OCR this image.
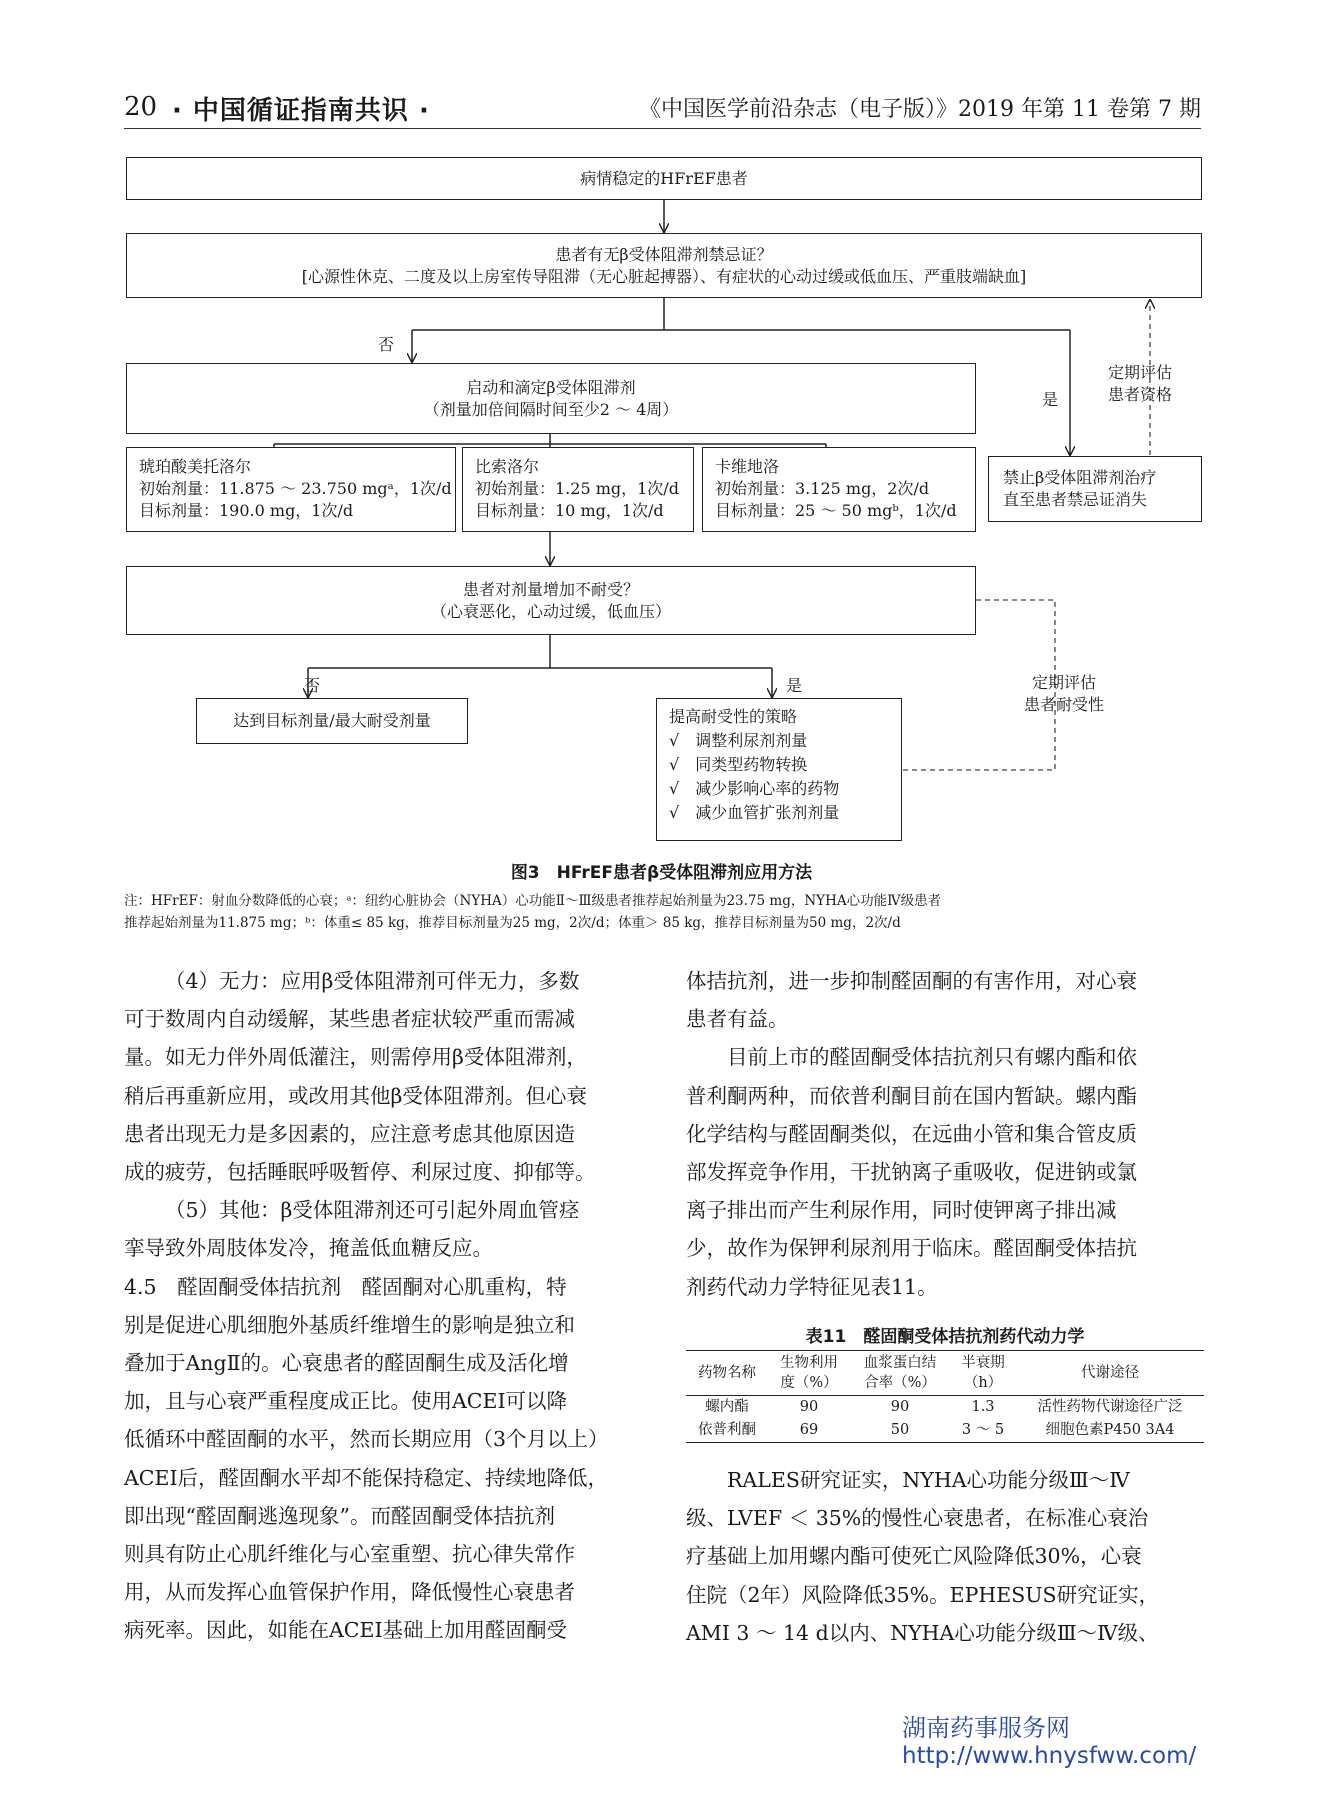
20 · 中国循证指南共识 ·	《中国医学前沿杂志（电子版）》2019 年第 11 卷第 7 期
病情稳定的HFrEF患者
患者有无β受体阻滞剂禁忌证？
[心源性休克、二度及以上房室传导阻滞（无心脏起搏器）、有症状的心动过缓或低血压、严重肢端缺血]
否
是
启动和滴定β受体阻滞剂
（剂量加倍间隔时间至少2 ～ 4周）
琥珀酸美托洛尔
初始剂量：11.875 ～ 23.750 mgᵃ，1次/d
目标剂量：190.0 mg，1次/d
比索洛尔
初始剂量：1.25 mg，1次/d
目标剂量：10 mg，1次/d
卡维地洛
初始剂量：3.125 mg，2次/d
目标剂量：25 ～ 50 mgᵇ，1次/d
禁止β受体阻滞剂治疗
直至患者禁忌证消失
定期评估
患者资格
患者对剂量增加不耐受？
（心衰恶化，心动过缓，低血压）
定期评估
患者耐受性
否	是
达到目标剂量/最大耐受剂量	提高耐受性的策略
√　调整利尿剂剂量
√　同类型药物转换
√　减少影响心率的药物
√　减少血管扩张剂剂量
图3　HFrEF患者β受体阻滞剂应用方法
注：HFrEF：射血分数降低的心衰；ᵃ：纽约心脏协会（NYHA）心功能Ⅱ～Ⅲ级患者推荐起始剂量为23.75 mg，NYHA心功能Ⅳ级患者
推荐起始剂量为11.875 mg；ᵇ：体重≤ 85 kg，推荐目标剂量为25 mg，2次/d；体重＞ 85 kg，推荐目标剂量为50 mg，2次/d
（4）无力：应用β受体阻滞剂可伴无力，多数
可于数周内自动缓解，某些患者症状较严重而需减
量。如无力伴外周低灌注，则需停用β受体阻滞剂，
稍后再重新应用，或改用其他β受体阻滞剂。但心衰
患者出现无力是多因素的，应注意考虑其他原因造
成的疲劳，包括睡眠呼吸暂停、利尿过度、抑郁等。
（5）其他：β受体阻滞剂还可引起外周血管痉
挛导致外周肢体发冷，掩盖低血糖反应。
4.5　醛固酮受体拮抗剂　醛固酮对心肌重构，特
别是促进心肌细胞外基质纤维增生的影响是独立和
叠加于AngⅡ的。心衰患者的醛固酮生成及活化增
加，且与心衰严重程度成正比。使用ACEI可以降
低循环中醛固酮的水平，然而长期应用（3个月以上）
ACEI后，醛固酮水平却不能保持稳定、持续地降低，
即出现“醛固酮逃逸现象”。而醛固酮受体拮抗剂
则具有防止心肌纤维化与心室重塑、抗心律失常作
用，从而发挥心血管保护作用，降低慢性心衰患者
病死率。因此，如能在ACEI基础上加用醛固酮受
体拮抗剂，进一步抑制醛固酮的有害作用，对心衰
患者有益。
目前上市的醛固酮受体拮抗剂只有螺内酯和依
普利酮两种，而依普利酮目前在国内暂缺。螺内酯
化学结构与醛固酮类似，在远曲小管和集合管皮质
部发挥竞争作用，干扰钠离子重吸收，促进钠或氯
离子排出而产生利尿作用，同时使钾离子排出减
少，故作为保钾利尿剂用于临床。醛固酮受体拮抗
剂药代动力学特征见表11。
表11　醛固酮受体拮抗剂药代动力学
药物名称	生物利用
度（%）	血浆蛋白结
合率（%）	半衰期
（h）	代谢途径
螺内酯	90	90	1.3	活性药物代谢途径广泛
依普利酮	69	50	3 ～ 5	细胞色素P450 3A4
RALES研究证实，NYHA心功能分级Ⅲ～Ⅳ
级、LVEF ＜ 35%的慢性心衰患者，在标准心衰治
疗基础上加用螺内酯可使死亡风险降低30%，心衰
住院（2年）风险降低35%。EPHESUS研究证实，
AMI 3 ～ 14 d以内、NYHA心功能分级Ⅲ～Ⅳ级、
湖南药事服务网
http://www.hnysfww.com/
